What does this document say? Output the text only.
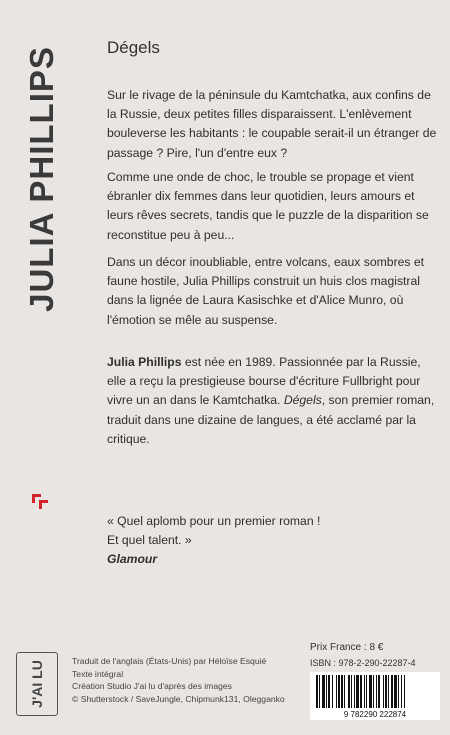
JULIA PHILLIPS	Dégels

Sur le rivage de la péninsule du Kamtchatka, aux confins de la Russie, deux petites filles disparaissent. L'enlèvement bouleverse les habitants : le coupable serait-il un étranger de passage ? Pire, l'un d'entre eux ?

Comme une onde de choc, le trouble se propage et vient ébranler dix femmes dans leur quotidien, leurs amours et leurs rêves secrets, tandis que le puzzle de la disparition se reconstitue peu à peu...

Dans un décor inoubliable, entre volcans, eaux sombres et faune hostile, Julia Phillips construit un huis clos magistral dans la lignée de Laura Kasischke et d'Alice Munro, où l'émotion se mêle au suspense.

Julia Phillips est née en 1989. Passionnée par la Russie, elle a reçu la prestigieuse bourse d'écriture Fullbright pour vivre un an dans le Kamtchatka. Dégels, son premier roman, traduit dans une dizaine de langues, a été acclamé par la critique.

« Quel aplomb pour un premier roman !
Et quel talent. »
Glamour
J'AI LU	Traduit de l'anglais (États-Unis) par Héloïse Esquié
Texte intégral
Création Studio J'ai lu d'après des images
© Shutterstock / SaveJungle, Chipmunk131, Olegganko
Prix France : 8 €
ISBN : 978-2-290-22287-4
9 782290 222874
